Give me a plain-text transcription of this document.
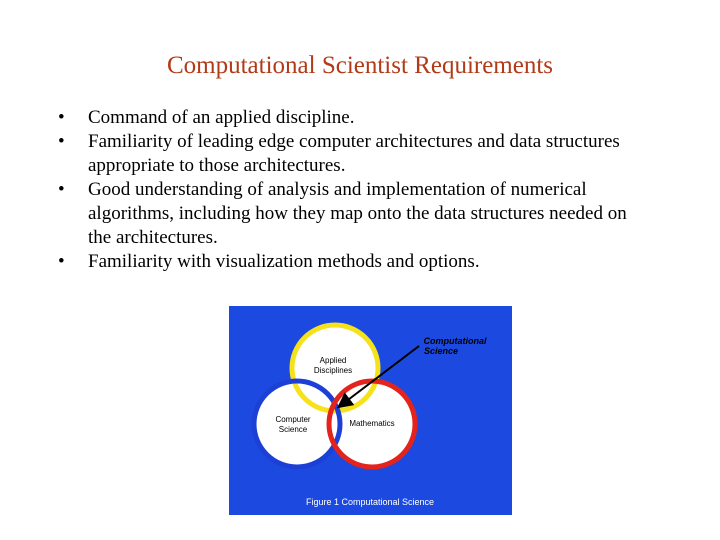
Computational Scientist Requirements
• Command of an applied discipline.
• Familiarity of leading edge computer architectures and data structures
appropriate to those architectures.
• Good understanding of analysis and implementation of numerical
algorithms, including how they map onto the data structures needed on
the architectures.
• Familiarity with visualization methods and options.
Applied
Disciplines
Computer
Science
Mathematics
Computational
Science
Figure 1 Computational Science
